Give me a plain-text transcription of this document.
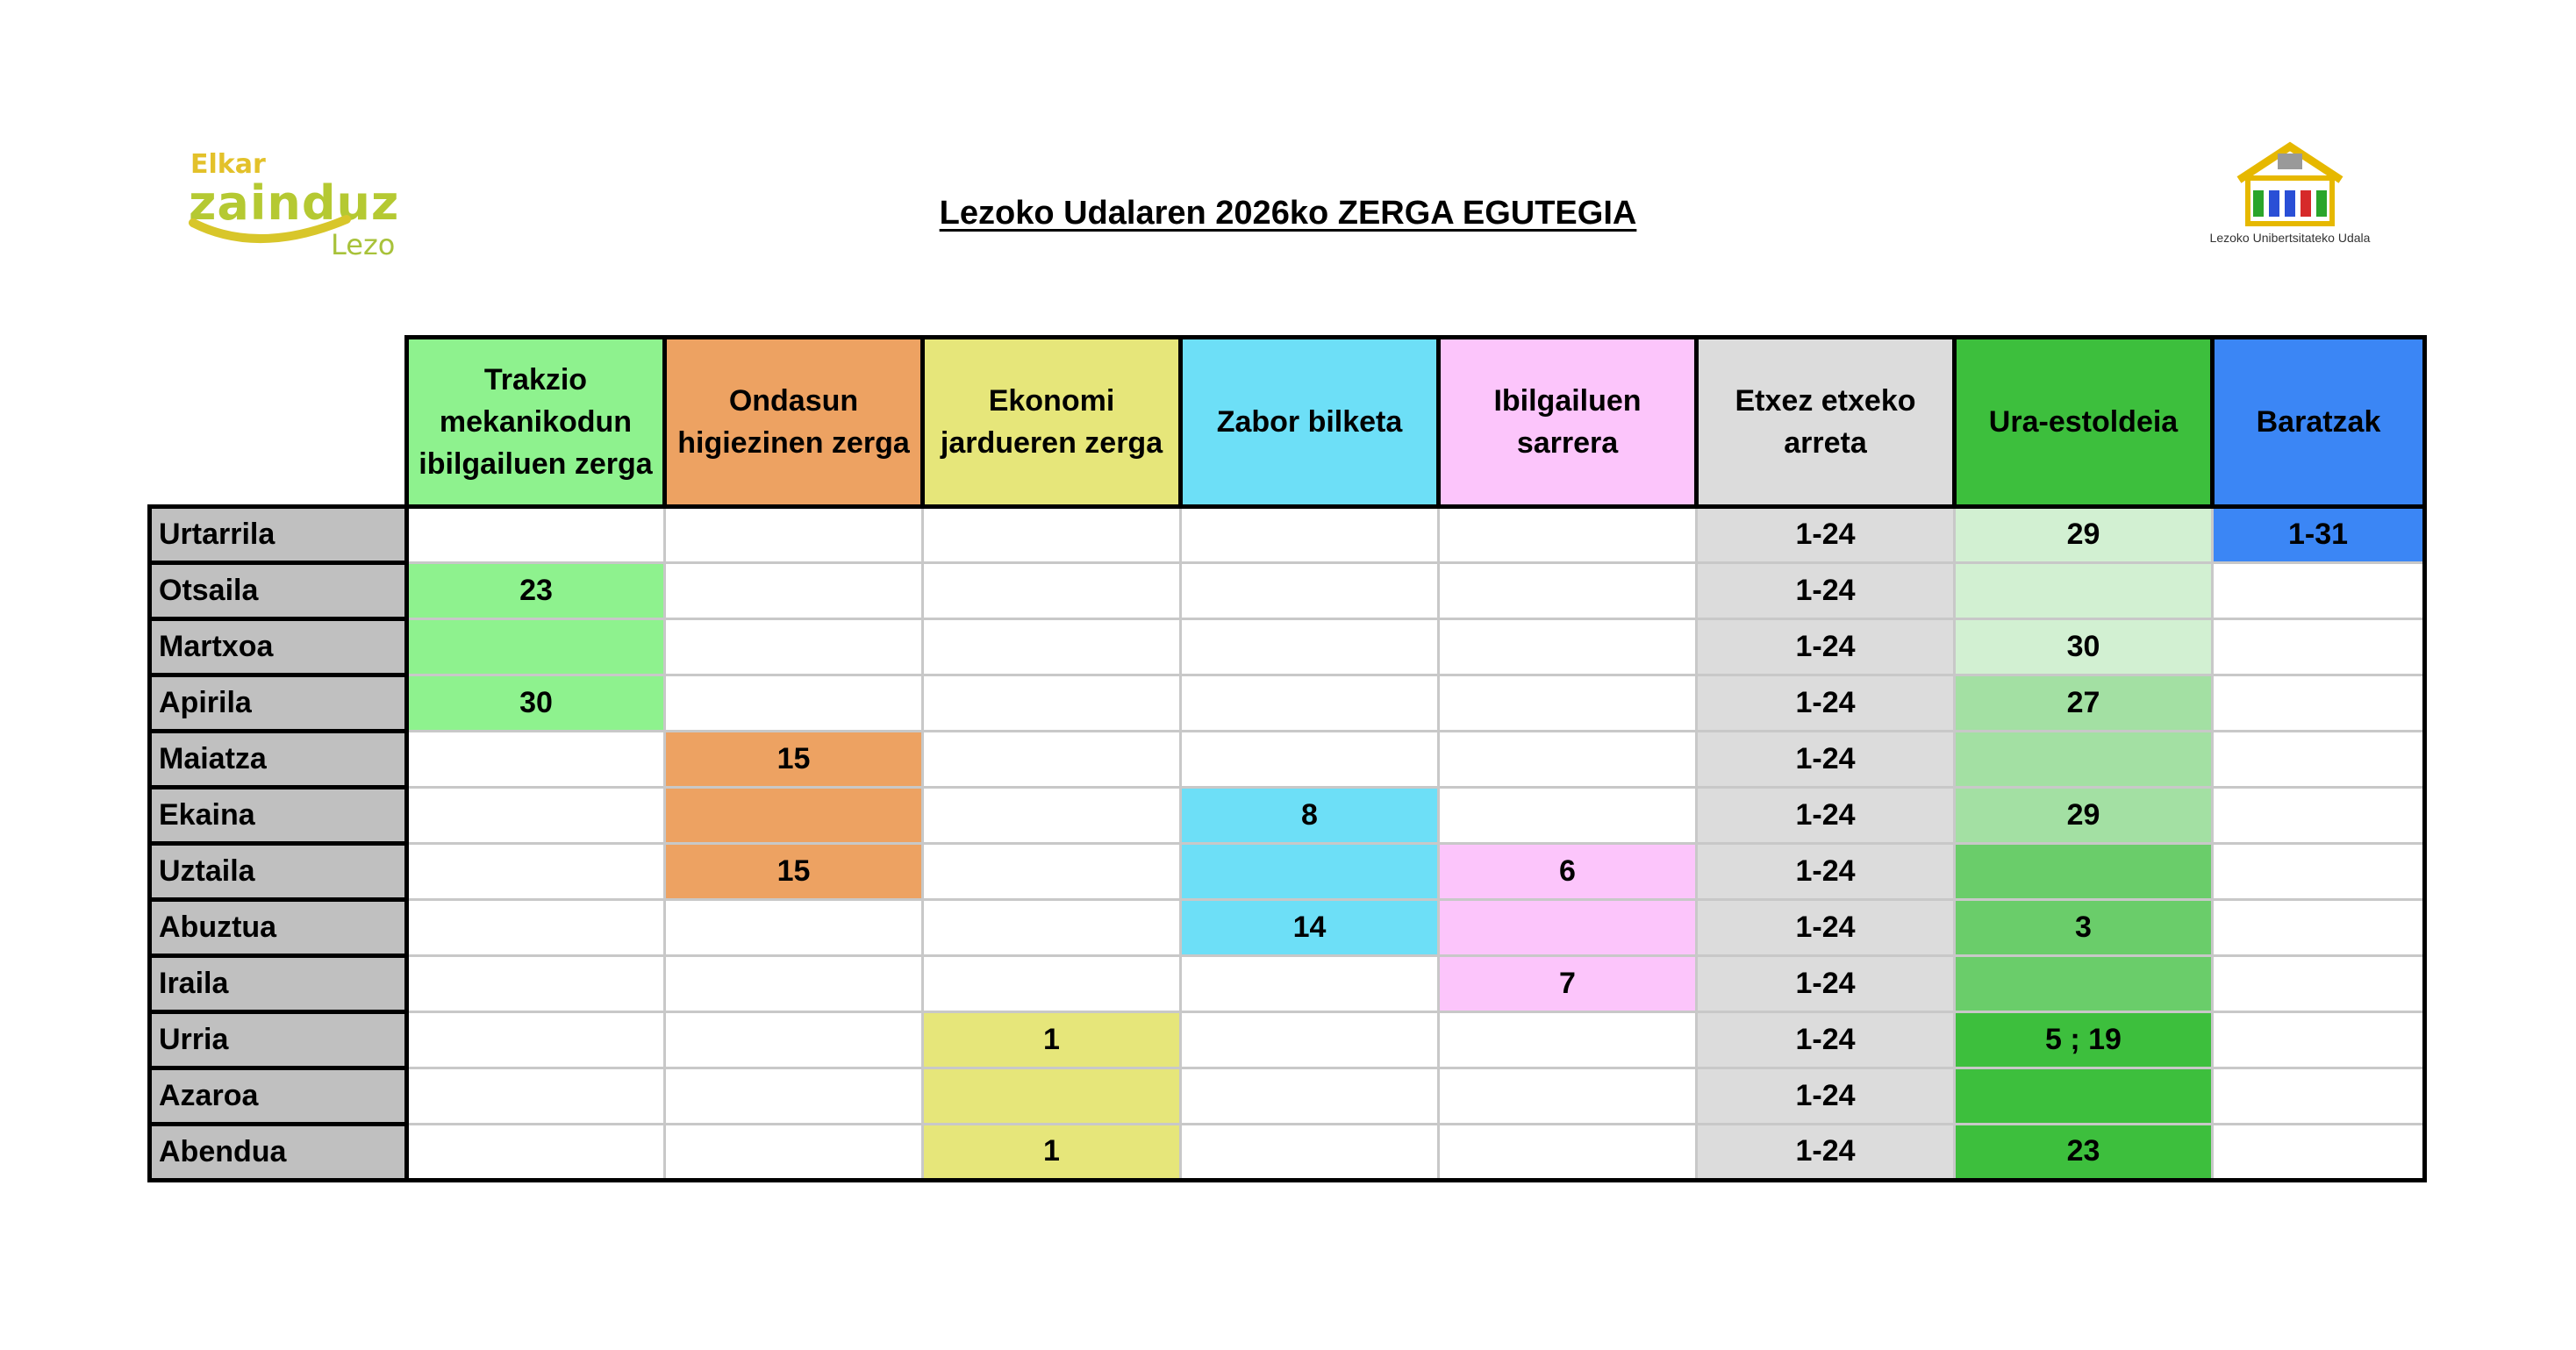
Elkar
zainduz
Lezo
Lezoko Udalaren 2026ko ZERGA EGUTEGIA
Lezoko Unibertsitateko Udala
	Trakzio mekanikodun ibilgailuen zerga	Ondasun higiezinen zerga	Ekonomi jardueren zerga	Zabor bilketa	Ibilgailuen sarrera	Etxez etxeko arreta	Ura-estoldeia	Baratzak
Urtarrila						1-24	29	1-31
Otsaila	23					1-24		
Martxoa						1-24	30	
Apirila	30					1-24	27	
Maiatza		15				1-24		
Ekaina				8		1-24	29	
Uztaila		15			6	1-24		
Abuztua				14		1-24	3	
Iraila					7	1-24		
Urria			1			1-24	5 ; 19	
Azaroa						1-24		
Abendua			1			1-24	23	
